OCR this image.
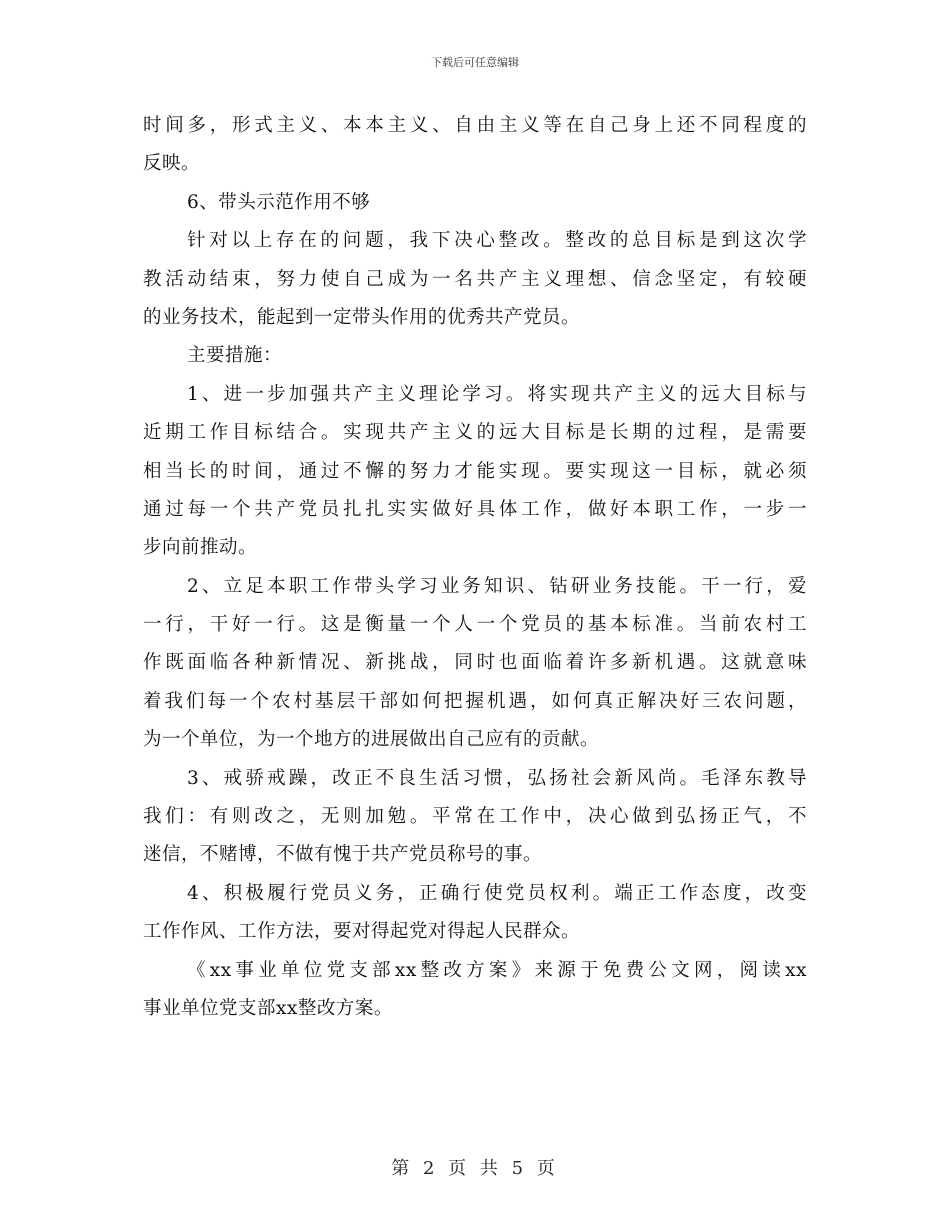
下载后可任意编辑
时间多，形式主义、本本主义、自由主义等在自己身上还不同程度的
反映。
6、带头示范作用不够
针对以上存在的问题，我下决心整改。整改的总目标是到这次学
教活动结束，努力使自己成为一名共产主义理想、信念坚定，有较硬
的业务技术，能起到一定带头作用的优秀共产党员。
主要措施：
1、进一步加强共产主义理论学习。将实现共产主义的远大目标与
近期工作目标结合。实现共产主义的远大目标是长期的过程，是需要
相当长的时间，通过不懈的努力才能实现。要实现这一目标，就必须
通过每一个共产党员扎扎实实做好具体工作，做好本职工作，一步一
步向前推动。
2、立足本职工作带头学习业务知识、钻研业务技能。干一行，爱
一行，干好一行。这是衡量一个人一个党员的基本标准。当前农村工
作既面临各种新情况、新挑战，同时也面临着许多新机遇。这就意味
着我们每一个农村基层干部如何把握机遇，如何真正解决好三农问题，
为一个单位，为一个地方的进展做出自己应有的贡献。
3、戒骄戒躁，改正不良生活习惯，弘扬社会新风尚。毛泽东教导
我们：有则改之，无则加勉。平常在工作中，决心做到弘扬正气，不
迷信，不赌博，不做有愧于共产党员称号的事。
4、积极履行党员义务，正确行使党员权利。端正工作态度，改变
工作作风、工作方法，要对得起党对得起人民群众。
《xx事业单位党支部xx整改方案》来源于免费公文网，阅读xx
事业单位党支部xx整改方案。
第 2 页 共 5 页
